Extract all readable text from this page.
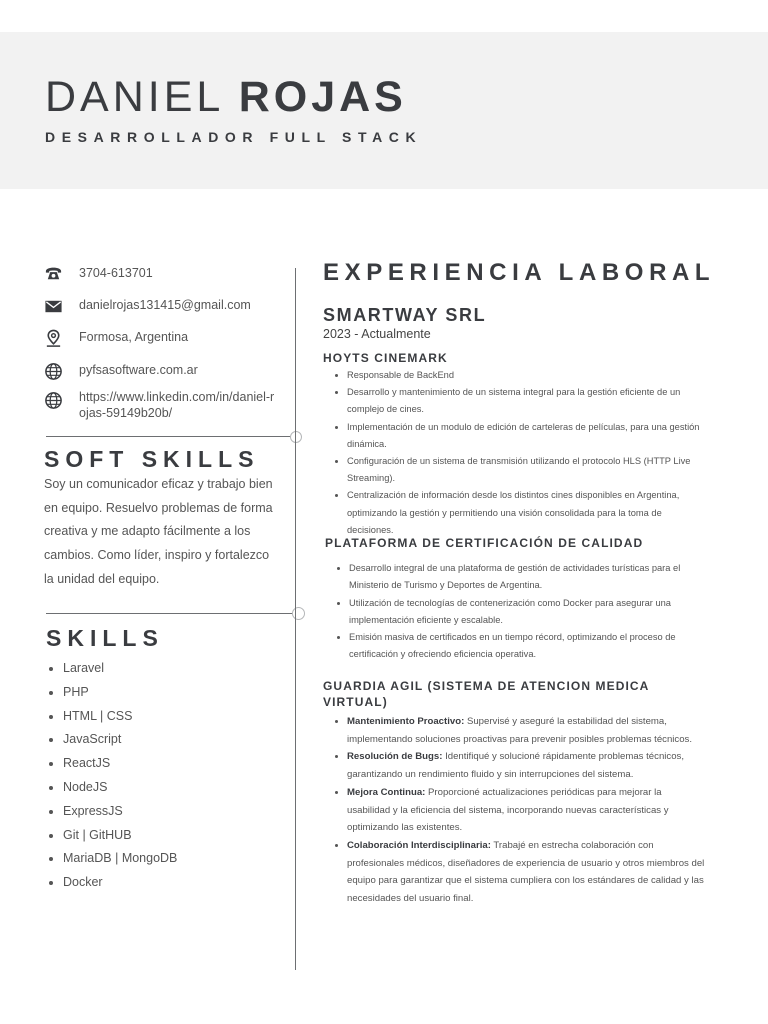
DANIEL ROJAS
DESARROLLADOR FULL STACK
3704-613701
danielrojas131415@gmail.com
Formosa, Argentina
pyfsasoftware.com.ar
https://www.linkedin.com/in/daniel-rojas-59149b20b/
SOFT SKILLS

Soy un comunicador eficaz y trabajo bien en equipo. Resuelvo problemas de forma creativa y me adapto fácilmente a los cambios. Como líder, inspiro y fortalezco la unidad del equipo.

SKILLS
• Laravel
• PHP
• HTML | CSS
• JavaScript
• ReactJS
• NodeJS
• ExpressJS
• Git | GitHUB
• MariaDB | MongoDB
• Docker
EXPERIENCIA LABORAL
SMARTWAY SRL
2023 - Actualmente
HOYTS CINEMARK
• Responsable de BackEnd
• Desarrollo y mantenimiento de un sistema integral para la gestión eficiente de un complejo de cines.
• Implementación de un modulo de edición de carteleras de películas, para una gestión dinámica.
• Configuración de un sistema de transmisión utilizando el protocolo HLS (HTTP Live Streaming).
• Centralización de información desde los distintos cines disponibles en Argentina, optimizando la gestión y permitiendo una visión consolidada para la toma de decisiones.
PLATAFORMA DE CERTIFICACIÓN DE CALIDAD
• Desarrollo integral de una plataforma de gestión de actividades turísticas para el Ministerio de Turismo y Deportes de Argentina.
• Utilización de tecnologías de contenerización como Docker para asegurar una implementación eficiente y escalable.
• Emisión masiva de certificados en un tiempo récord, optimizando el proceso de certificación y ofreciendo eficiencia operativa.
GUARDIA AGIL (SISTEMA DE ATENCION MEDICA VIRTUAL)
• Mantenimiento Proactivo: Supervisé y aseguré la estabilidad del sistema, implementando soluciones proactivas para prevenir posibles problemas técnicos.
• Resolución de Bugs: Identifiqué y solucioné rápidamente problemas técnicos, garantizando un rendimiento fluido y sin interrupciones del sistema.
• Mejora Continua: Proporcioné actualizaciones periódicas para mejorar la usabilidad y la eficiencia del sistema, incorporando nuevas características y optimizando las existentes.
• Colaboración Interdisciplinaria: Trabajé en estrecha colaboración con profesionales médicos, diseñadores de experiencia de usuario y otros miembros del equipo para garantizar que el sistema cumpliera con los estándares de calidad y las necesidades del usuario final.
